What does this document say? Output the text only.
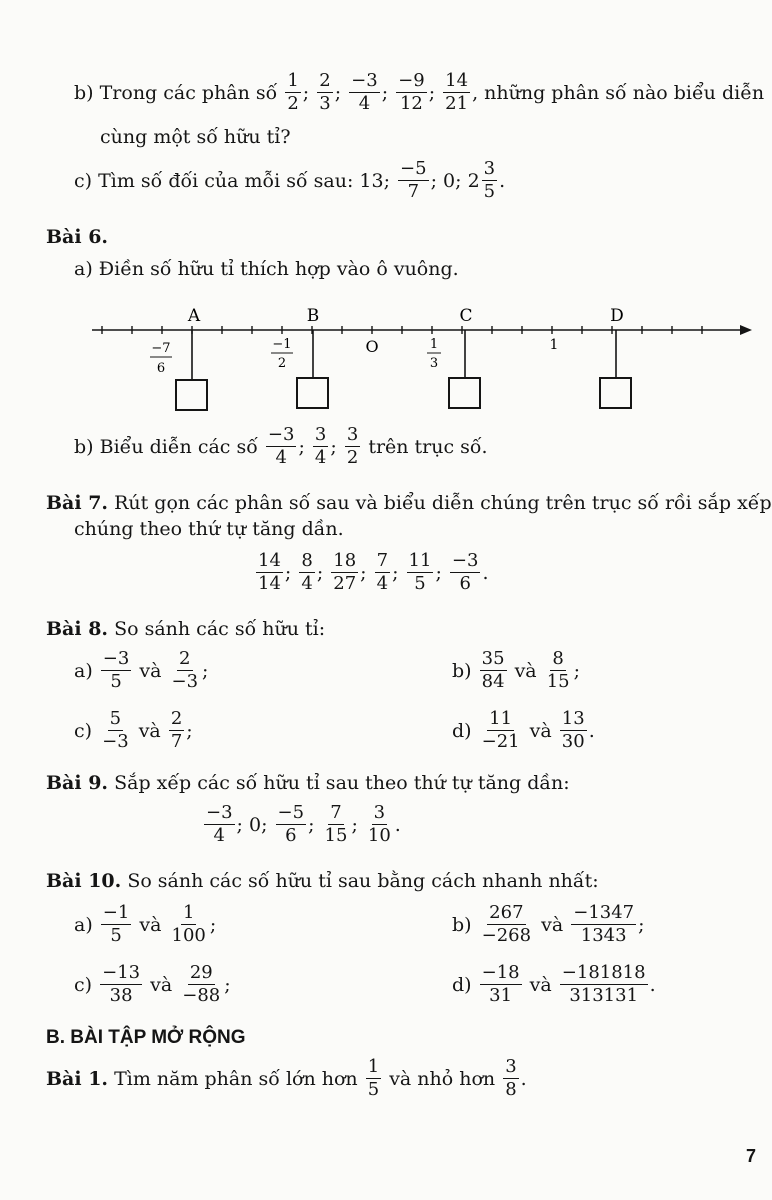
b)
Trong các phân số
$\frac{1}{2}$ ; $\frac{2}{3}$ ; $\frac{-3}{4}$ ; $\frac{-9}{12}$ ; $\frac{14}{21}$ , những phân số nào biểu diễn
cùng một số hữu tỉ?
c)
Tìm số đối của mỗi số sau: 13;
$\frac{-5}{7}$ ; 0;
$2 \frac{3}{5}$ .
Bài 6.
a) Điền số hữu tỉ thích hợp vào ô vuông.
A	B	C	D
−7
6
−1
2
O	1
3
1
b)
Biểu diễn các số
$\frac{-3}{4}$ ; $\frac{3}{4}$ ; $\frac{3}{2}$
trên trục số.
Bài 7.
Rút gọn các phân số sau và biểu diễn chúng trên trục số rồi sắp xếp
chúng theo thứ tự tăng dần.
$\frac{14}{14}$ ; $\frac{8}{4}$ ; $\frac{18}{27}$ ; $\frac{7}{4}$ ; $\frac{11}{5}$ ; $\frac{-3}{6}$ .
Bài 8.
So sánh các số hữu tỉ:
a)
$\frac{-3}{5}$
và
$\frac{2}{-3}$ ;	b)
$\frac{35}{84}$
và
$\frac{8}{15}$ ;
c)
$\frac{5}{-3}$
và
$\frac{2}{7}$ ;	d)
$\frac{11}{-21}$
và
$\frac{13}{30}$ .
Bài 9.
Sắp xếp các số hữu tỉ sau theo thứ tự tăng dần:
$\frac{-3}{4}$ ; 0;
$\frac{-5}{6}$ ; $\frac{7}{15}$ ; $\frac{3}{10}$ .
Bài 10.
So sánh các số hữu tỉ sau bằng cách nhanh nhất:
a)
$\frac{-1}{5}$
và
$\frac{1}{100}$ ;	b)
$\frac{267}{-268}$
và
$\frac{-1347}{1343}$ ;
c)
$\frac{-13}{38}$
và
$\frac{29}{-88}$ ;	d)
$\frac{-18}{31}$
và
$\frac{-181818}{313131}$ .
B. BÀI TẬP MỞ RỘNG
Bài 1.
Tìm năm phân số lớn hơn
$\frac{1}{5}$
và nhỏ hơn
$\frac{3}{8}$ .
7
